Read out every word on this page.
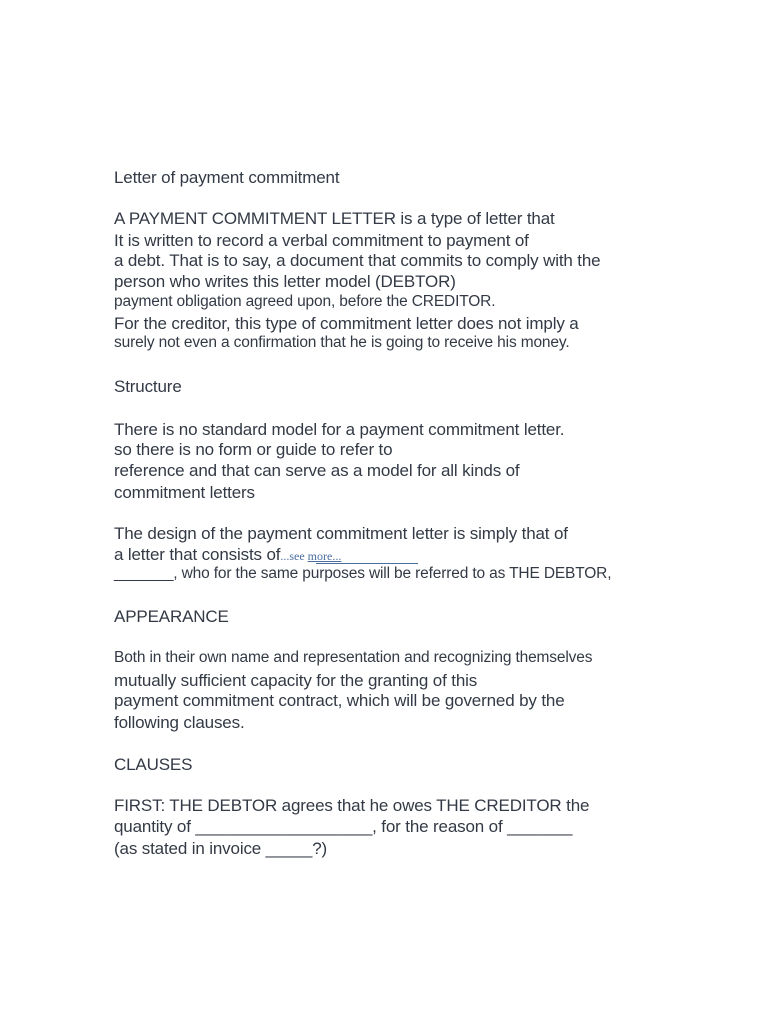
Letter of payment commitment
A PAYMENT COMMITMENT LETTER is a type of letter that
It is written to record a verbal commitment to payment of
a debt. That is to say, a document that commits to comply with the
person who writes this letter model (DEBTOR)
payment obligation agreed upon, before the CREDITOR.
For the creditor, this type of commitment letter does not imply a
surely not even a confirmation that he is going to receive his money.
Structure
There is no standard model for a payment commitment letter.
so there is no form or guide to refer to
reference and that can serve as a model for all kinds of
commitment letters
The design of the payment commitment letter is simply that of
a letter that consists of...see more...
_______, who for the same purposes will be referred to as THE DEBTOR,
APPEARANCE
Both in their own name and representation and recognizing themselves
mutually sufficient capacity for the granting of this
payment commitment contract, which will be governed by the
following clauses.
CLAUSES
FIRST: THE DEBTOR agrees that he owes THE CREDITOR the
quantity of ___________________, for the reason of _______
(as stated in invoice _____?)
